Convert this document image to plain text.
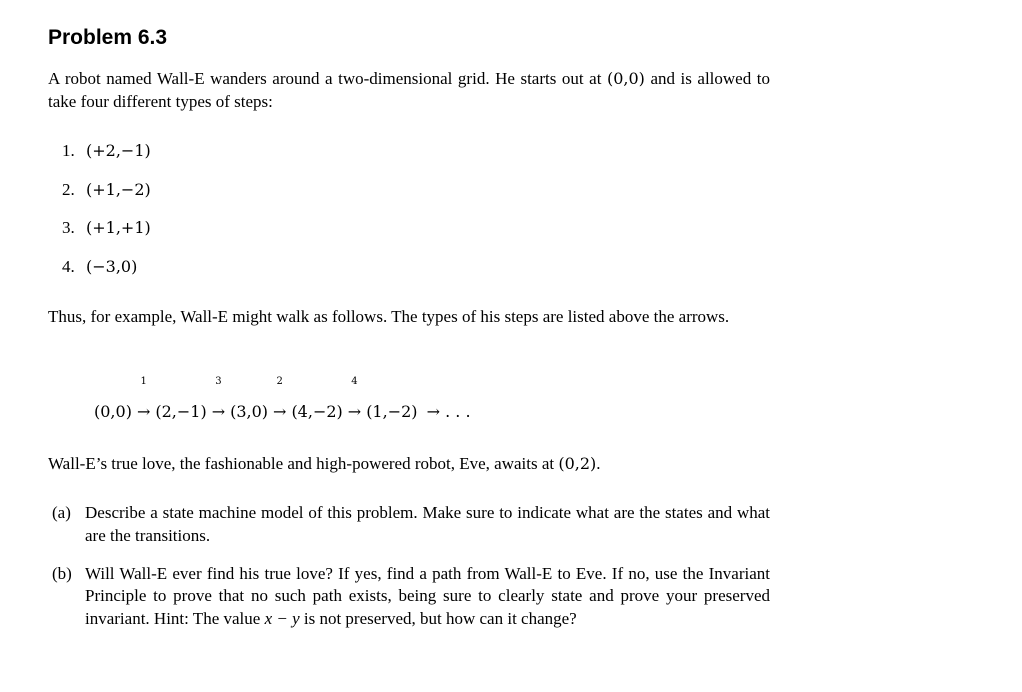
Problem 6.3

A robot named Wall-E wanders around a two-dimensional grid. He starts out at (0,0) and is allowed to take four different types of steps:

1. (+2,−1)
2. (+1,−2)
3. (+1,+1)
4. (−3,0)

Thus, for example, Wall-E might walk as follows. The types of his steps are listed above the arrows.

(0,0)
1
→ (2,−1)
3
→ (3,0)
2
→ (4,−2)
4
→ (1,−2) → . . .

Wall-E’s true love, the fashionable and high-powered robot, Eve, awaits at (0,2).

(a) Describe a state machine model of this problem. Make sure to indicate what are the states and what are the transitions.
(b) Will Wall-E ever find his true love? If yes, find a path from Wall-E to Eve. If no, use the Invariant Principle to prove that no such path exists, being sure to clearly state and prove your preserved invariant. Hint: The value x − y is not preserved, but how can it change?
